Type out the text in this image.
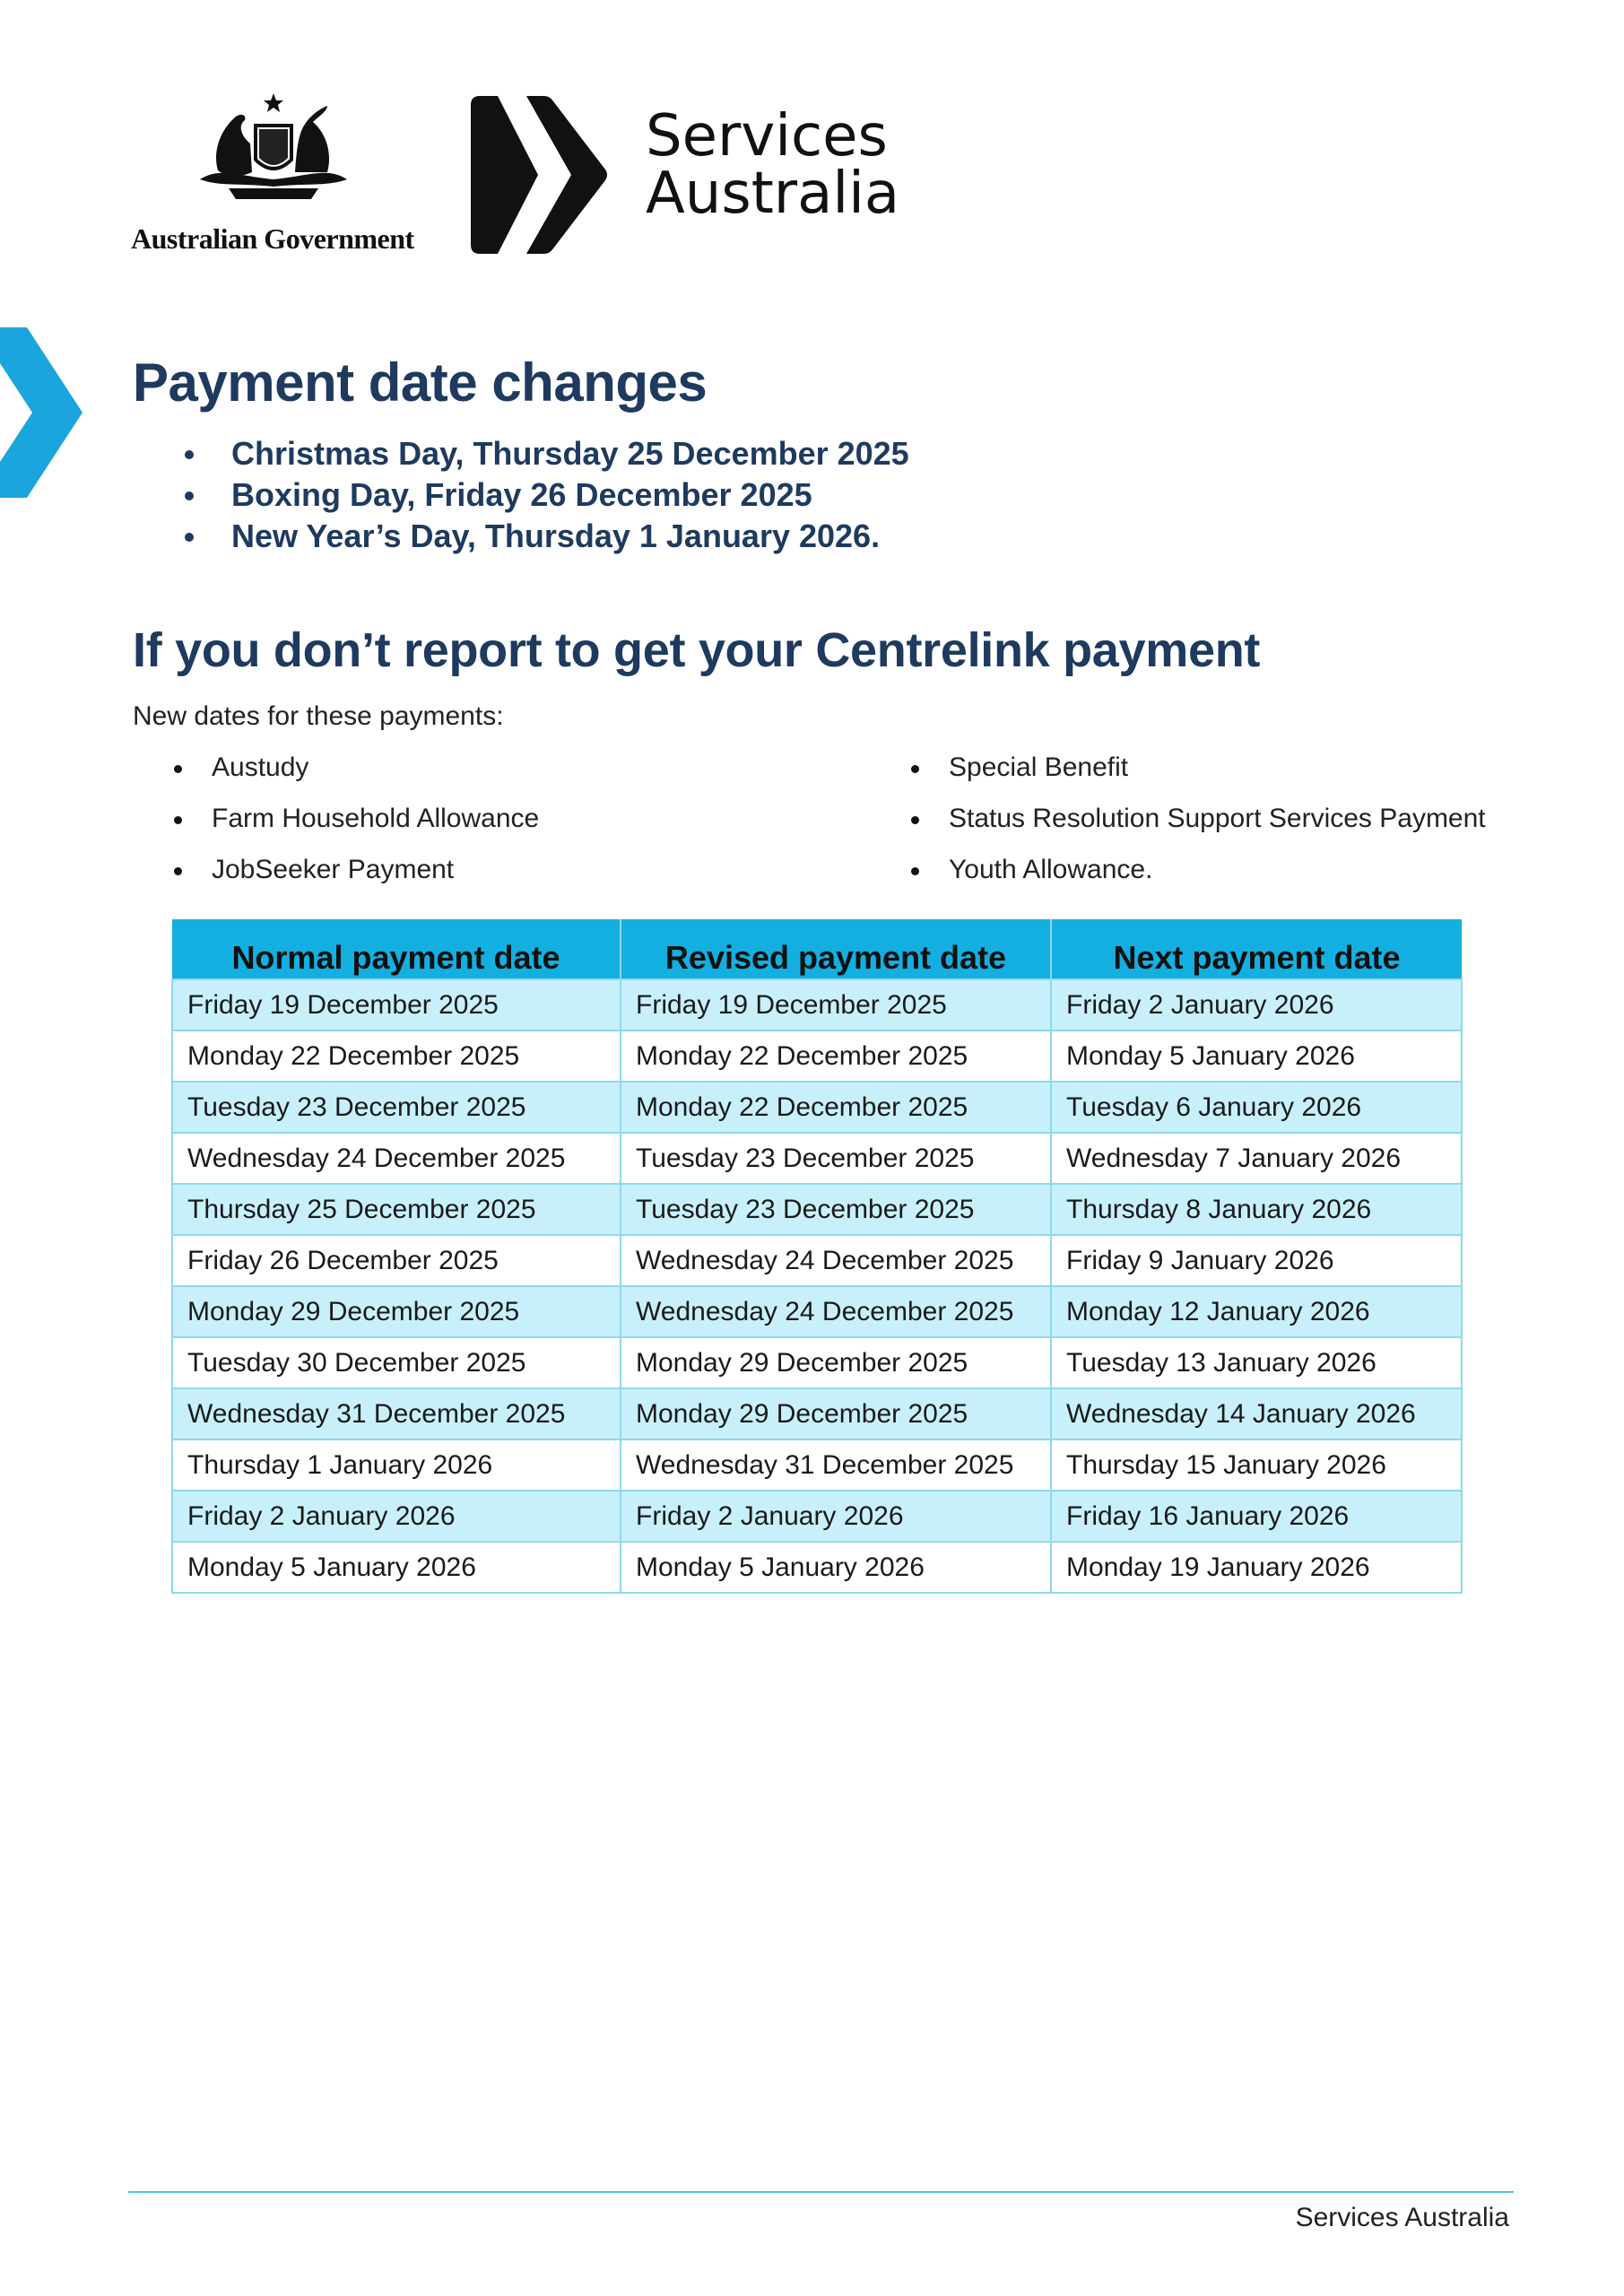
Australian Government
Services
Australia
Payment date changes
Christmas Day, Thursday 25 December 2025
Boxing Day, Friday 26 December 2025
New Year’s Day, Thursday 1 January 2026.
If you don’t report to get your Centrelink payment
New dates for these payments:
Austudy
Farm Household Allowance
JobSeeker Payment
Special Benefit
Status Resolution Support Services Payment
Youth Allowance.
Normal payment date	Revised payment date	Next payment date
Friday 19 December 2025	Friday 19 December 2025	Friday 2 January 2026
Monday 22 December 2025	Monday 22 December 2025	Monday 5 January 2026
Tuesday 23 December 2025	Monday 22 December 2025	Tuesday 6 January 2026
Wednesday 24 December 2025	Tuesday 23 December 2025	Wednesday 7 January 2026
Thursday 25 December 2025	Tuesday 23 December 2025	Thursday 8 January 2026
Friday 26 December 2025	Wednesday 24 December 2025	Friday 9 January 2026
Monday 29 December 2025	Wednesday 24 December 2025	Monday 12 January 2026
Tuesday 30 December 2025	Monday 29 December 2025	Tuesday 13 January 2026
Wednesday 31 December 2025	Monday 29 December 2025	Wednesday 14 January 2026
Thursday 1 January 2026	Wednesday 31 December 2025	Thursday 15 January 2026
Friday 2 January 2026	Friday 2 January 2026	Friday 16 January 2026
Monday 5 January 2026	Monday 5 January 2026	Monday 19 January 2026
Services Australia
